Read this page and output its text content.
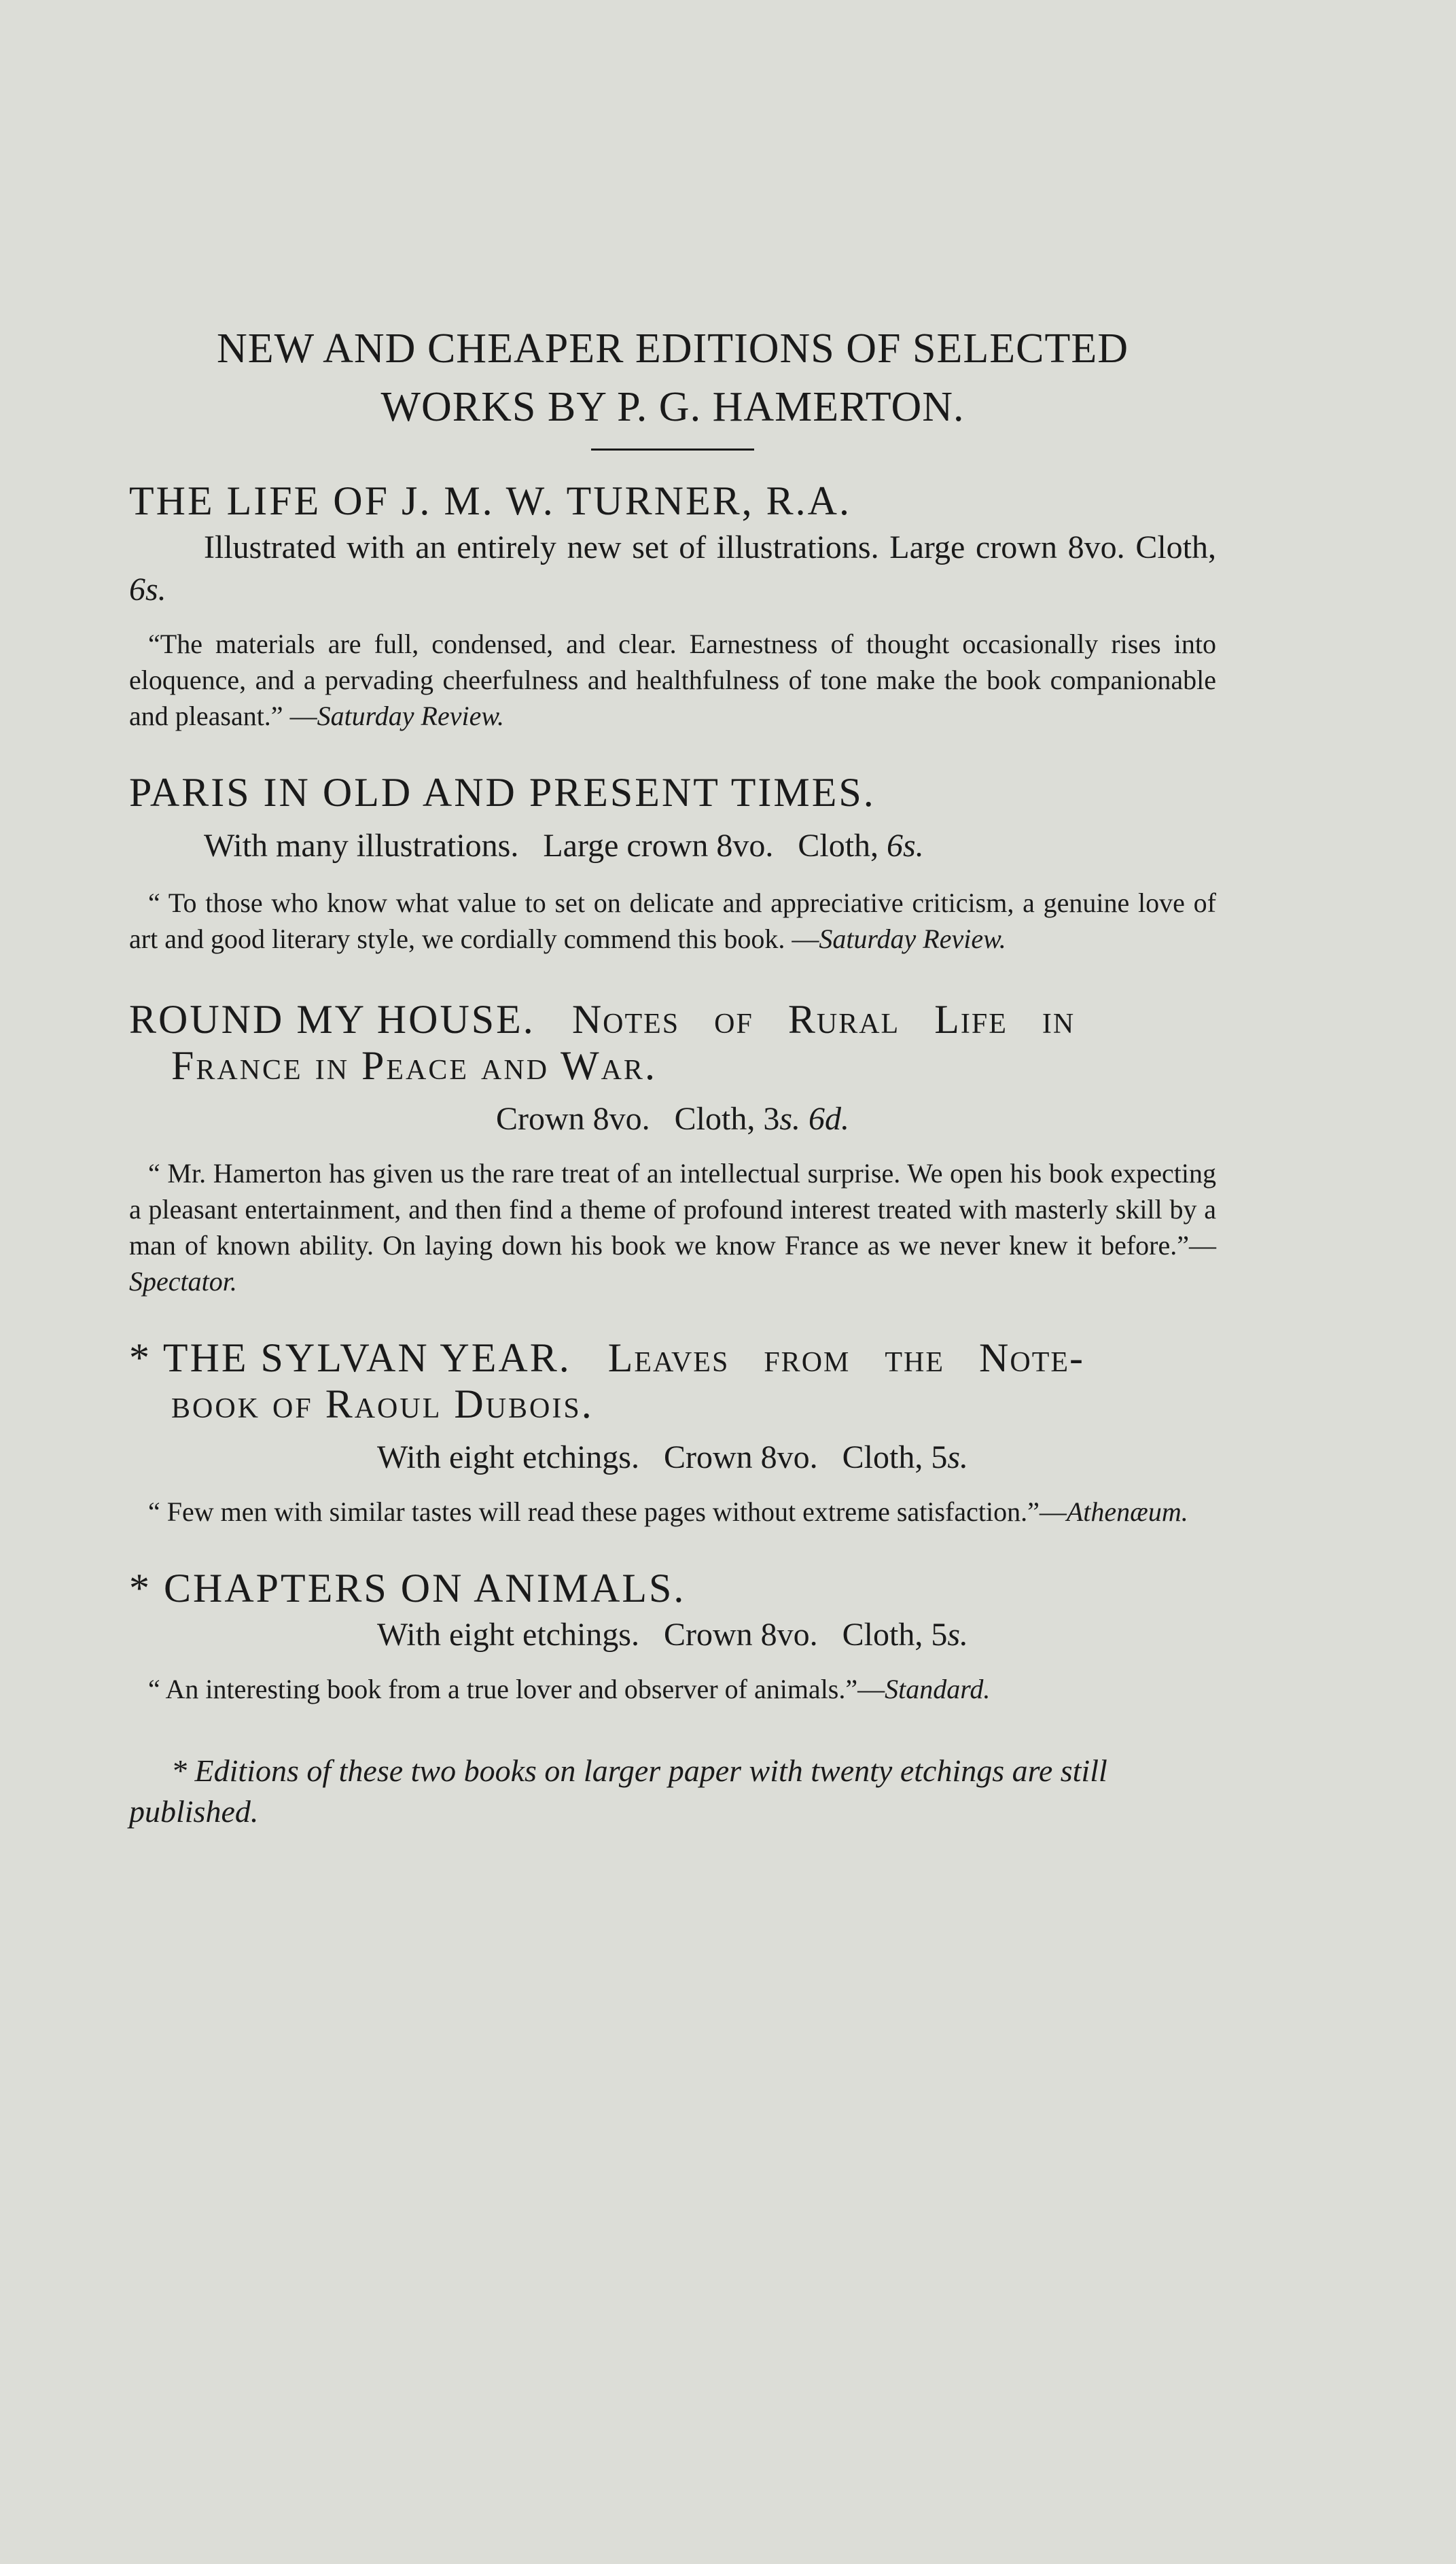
NEW AND CHEAPER EDITIONS OF SELECTED
WORKS BY P. G. HAMERTON.
THE LIFE OF J. M. W. TURNER, R.A.

Illustrated with an entirely new set of illustrations. Large crown 8vo. Cloth, 6s.

“The materials are full, condensed, and clear. Earnestness of thought occasionally rises into eloquence, and a pervading cheerfulness and healthfulness of tone make the book companionable and pleasant.” —Saturday Review.

PARIS IN OLD AND PRESENT TIMES.

With many illustrations.   Large crown 8vo.   Cloth, 6s.

“ To those who know what value to set on delicate and appreciative criticism, a genuine love of art and good literary style, we cordially commend this book. —Saturday Review.

ROUND MY HOUSE. Notes of Rural Life in
France in Peace and War.

Crown 8vo.   Cloth, 3s. 6d.

“ Mr. Hamerton has given us the rare treat of an intellectual surprise. We open his book expecting a pleasant entertainment, and then find a theme of profound interest treated with masterly skill by a man of known ability. On laying down his book we know France as we never knew it before.”—Spectator.

* THE SYLVAN YEAR. Leaves from the Note-
book of Raoul Dubois.

With eight etchings.   Crown 8vo.   Cloth, 5s.

“ Few men with similar tastes will read these pages without extreme satisfaction.”—Athenæum.

* CHAPTERS ON ANIMALS.

With eight etchings.   Crown 8vo.   Cloth, 5s.

“ An interesting book from a true lover and observer of animals.”—Standard.

* Editions of these two books on larger paper with twenty etchings are still published.
